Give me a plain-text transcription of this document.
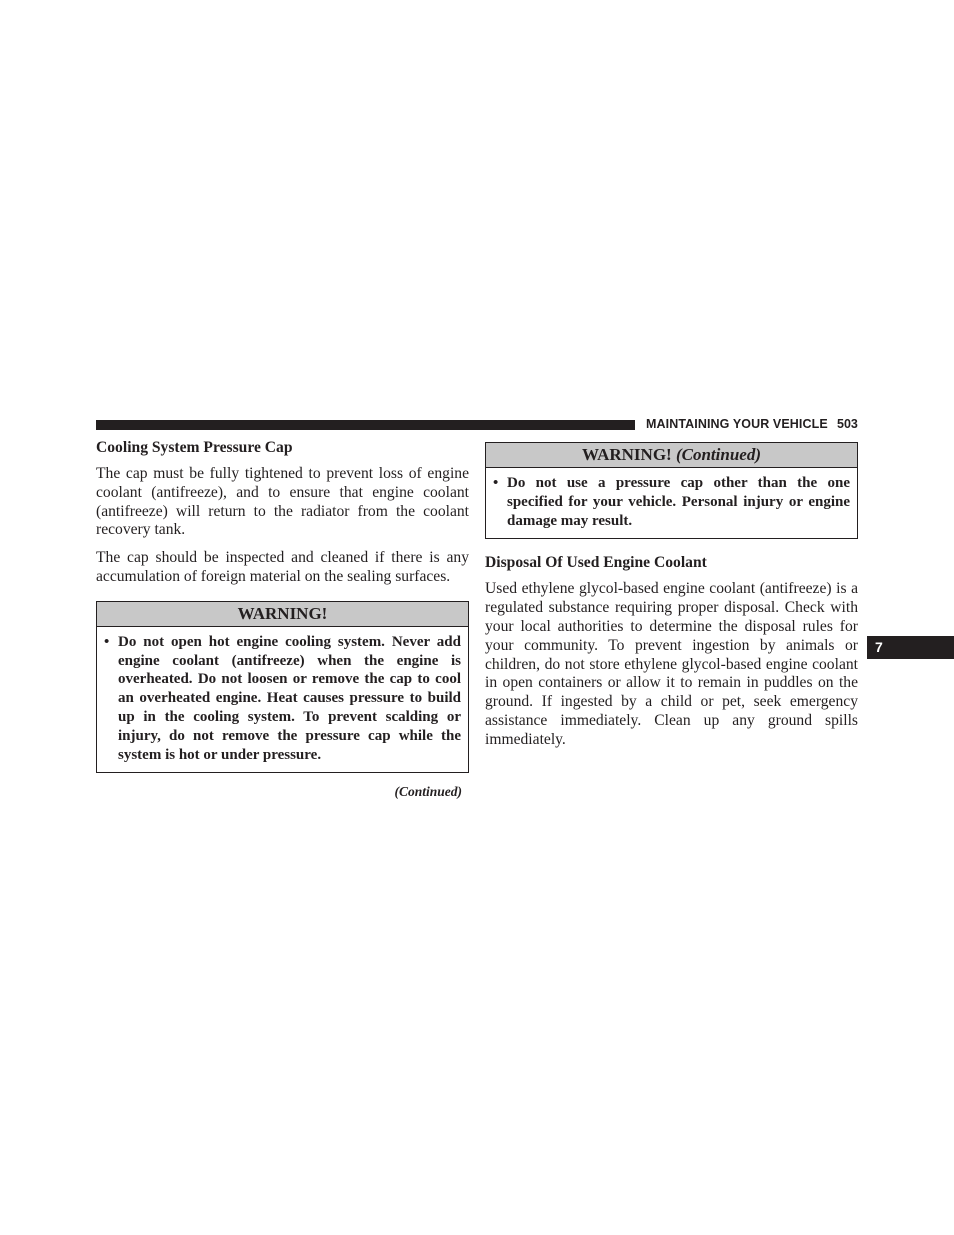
MAINTAINING YOUR VEHICLE 503
Cooling System Pressure Cap

The cap must be fully tightened to prevent loss of engine coolant (antifreeze), and to ensure that engine coolant (antifreeze) will return to the radiator from the coolant recovery tank.

The cap should be inspected and cleaned if there is any accumulation of foreign material on the sealing surfaces.

WARNING!
• Do not open hot engine cooling system. Never add engine coolant (antifreeze) when the engine is overheated. Do not loosen or remove the cap to cool an overheated engine. Heat causes pressure to build up in the cooling system. To prevent scalding or injury, do not remove the pressure cap while the system is hot or under pressure.
(Continued)
WARNING! (Continued)
• Do not use a pressure cap other than the one specified for your vehicle. Personal injury or engine damage may result.
Disposal Of Used Engine Coolant

Used ethylene glycol-based engine coolant (antifreeze) is a regulated substance requiring proper disposal. Check with your local authorities to determine the disposal rules for your community. To prevent ingestion by animals or children, do not store ethylene glycol-based engine coolant in open containers or allow it to remain in puddles on the ground. If ingested by a child or pet, seek emergency assistance immediately. Clean up any ground spills immediately.

7
